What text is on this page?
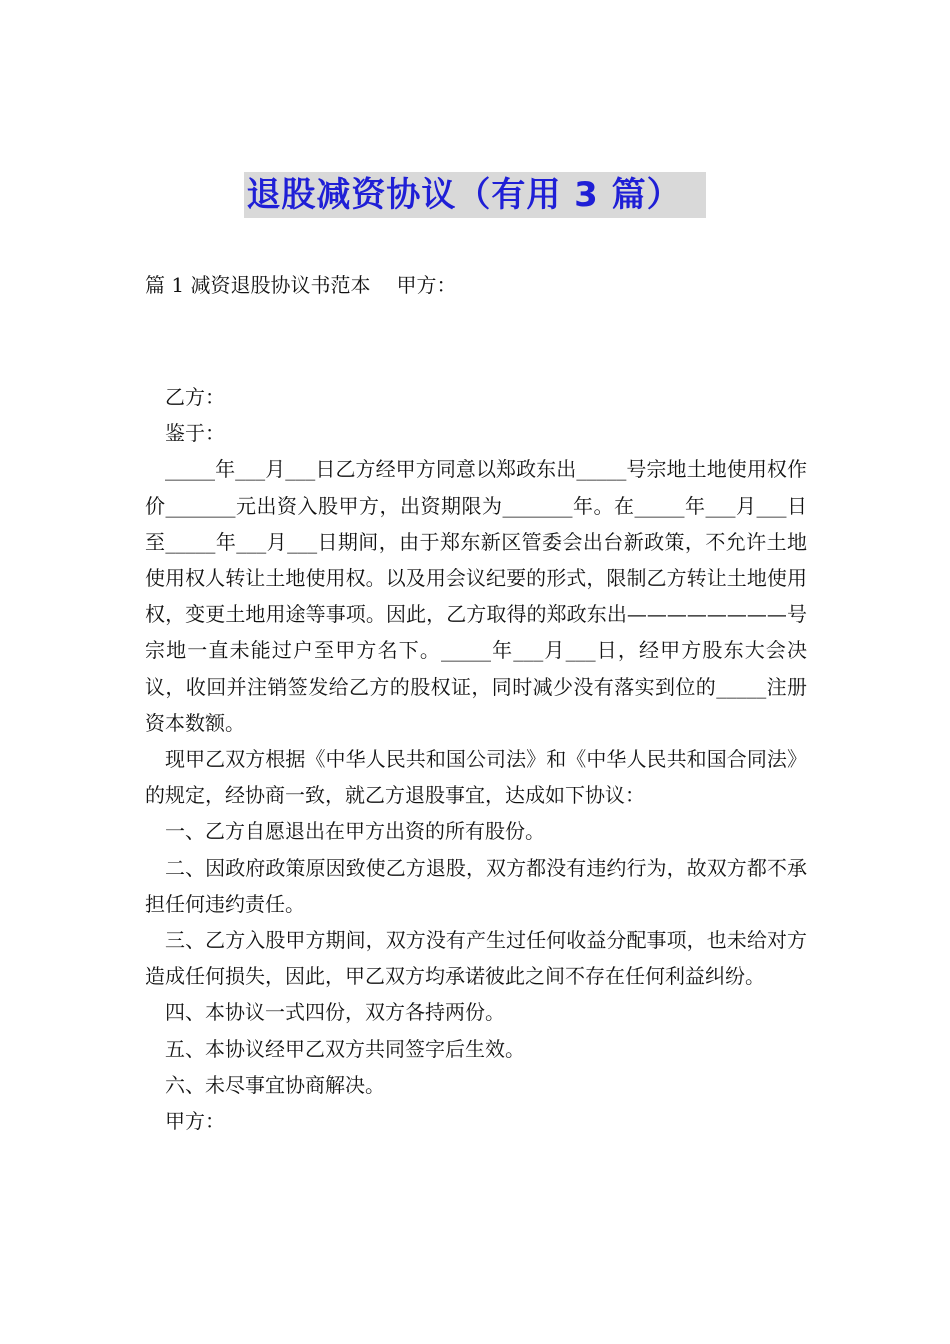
退股减资协议（有用 3 篇）
篇 1 减资退股协议书范本 甲方：

乙方：

鉴于：

_____年___月___日乙方经甲方同意以郑政东出_____号宗地土地使用权作价_______元出资入股甲方，出资期限为_______年。在_____年___月___日至_____年___月___日期间，由于郑东新区管委会出台新政策，不允许土地使用权人转让土地使用权。以及用会议纪要的形式，限制乙方转让土地使用权，变更土地用途等事项。因此，乙方取得的郑政东出————————号宗地一直未能过户至甲方名下。_____年___月___日，经甲方股东大会决议，收回并注销签发给乙方的股权证，同时减少没有落实到位的_____注册资本数额。

现甲乙双方根据《中华人民共和国公司法》和《中华人民共和国合同法》的规定，经协商一致，就乙方退股事宜，达成如下协议：

一、乙方自愿退出在甲方出资的所有股份。

二、因政府政策原因致使乙方退股，双方都没有违约行为，故双方都不承担任何违约责任。

三、乙方入股甲方期间，双方没有产生过任何收益分配事项，也未给对方造成任何损失，因此，甲乙双方均承诺彼此之间不存在任何利益纠纷。

四、本协议一式四份，双方各持两份。

五、本协议经甲乙双方共同签字后生效。

六、未尽事宜协商解决。

甲方：
